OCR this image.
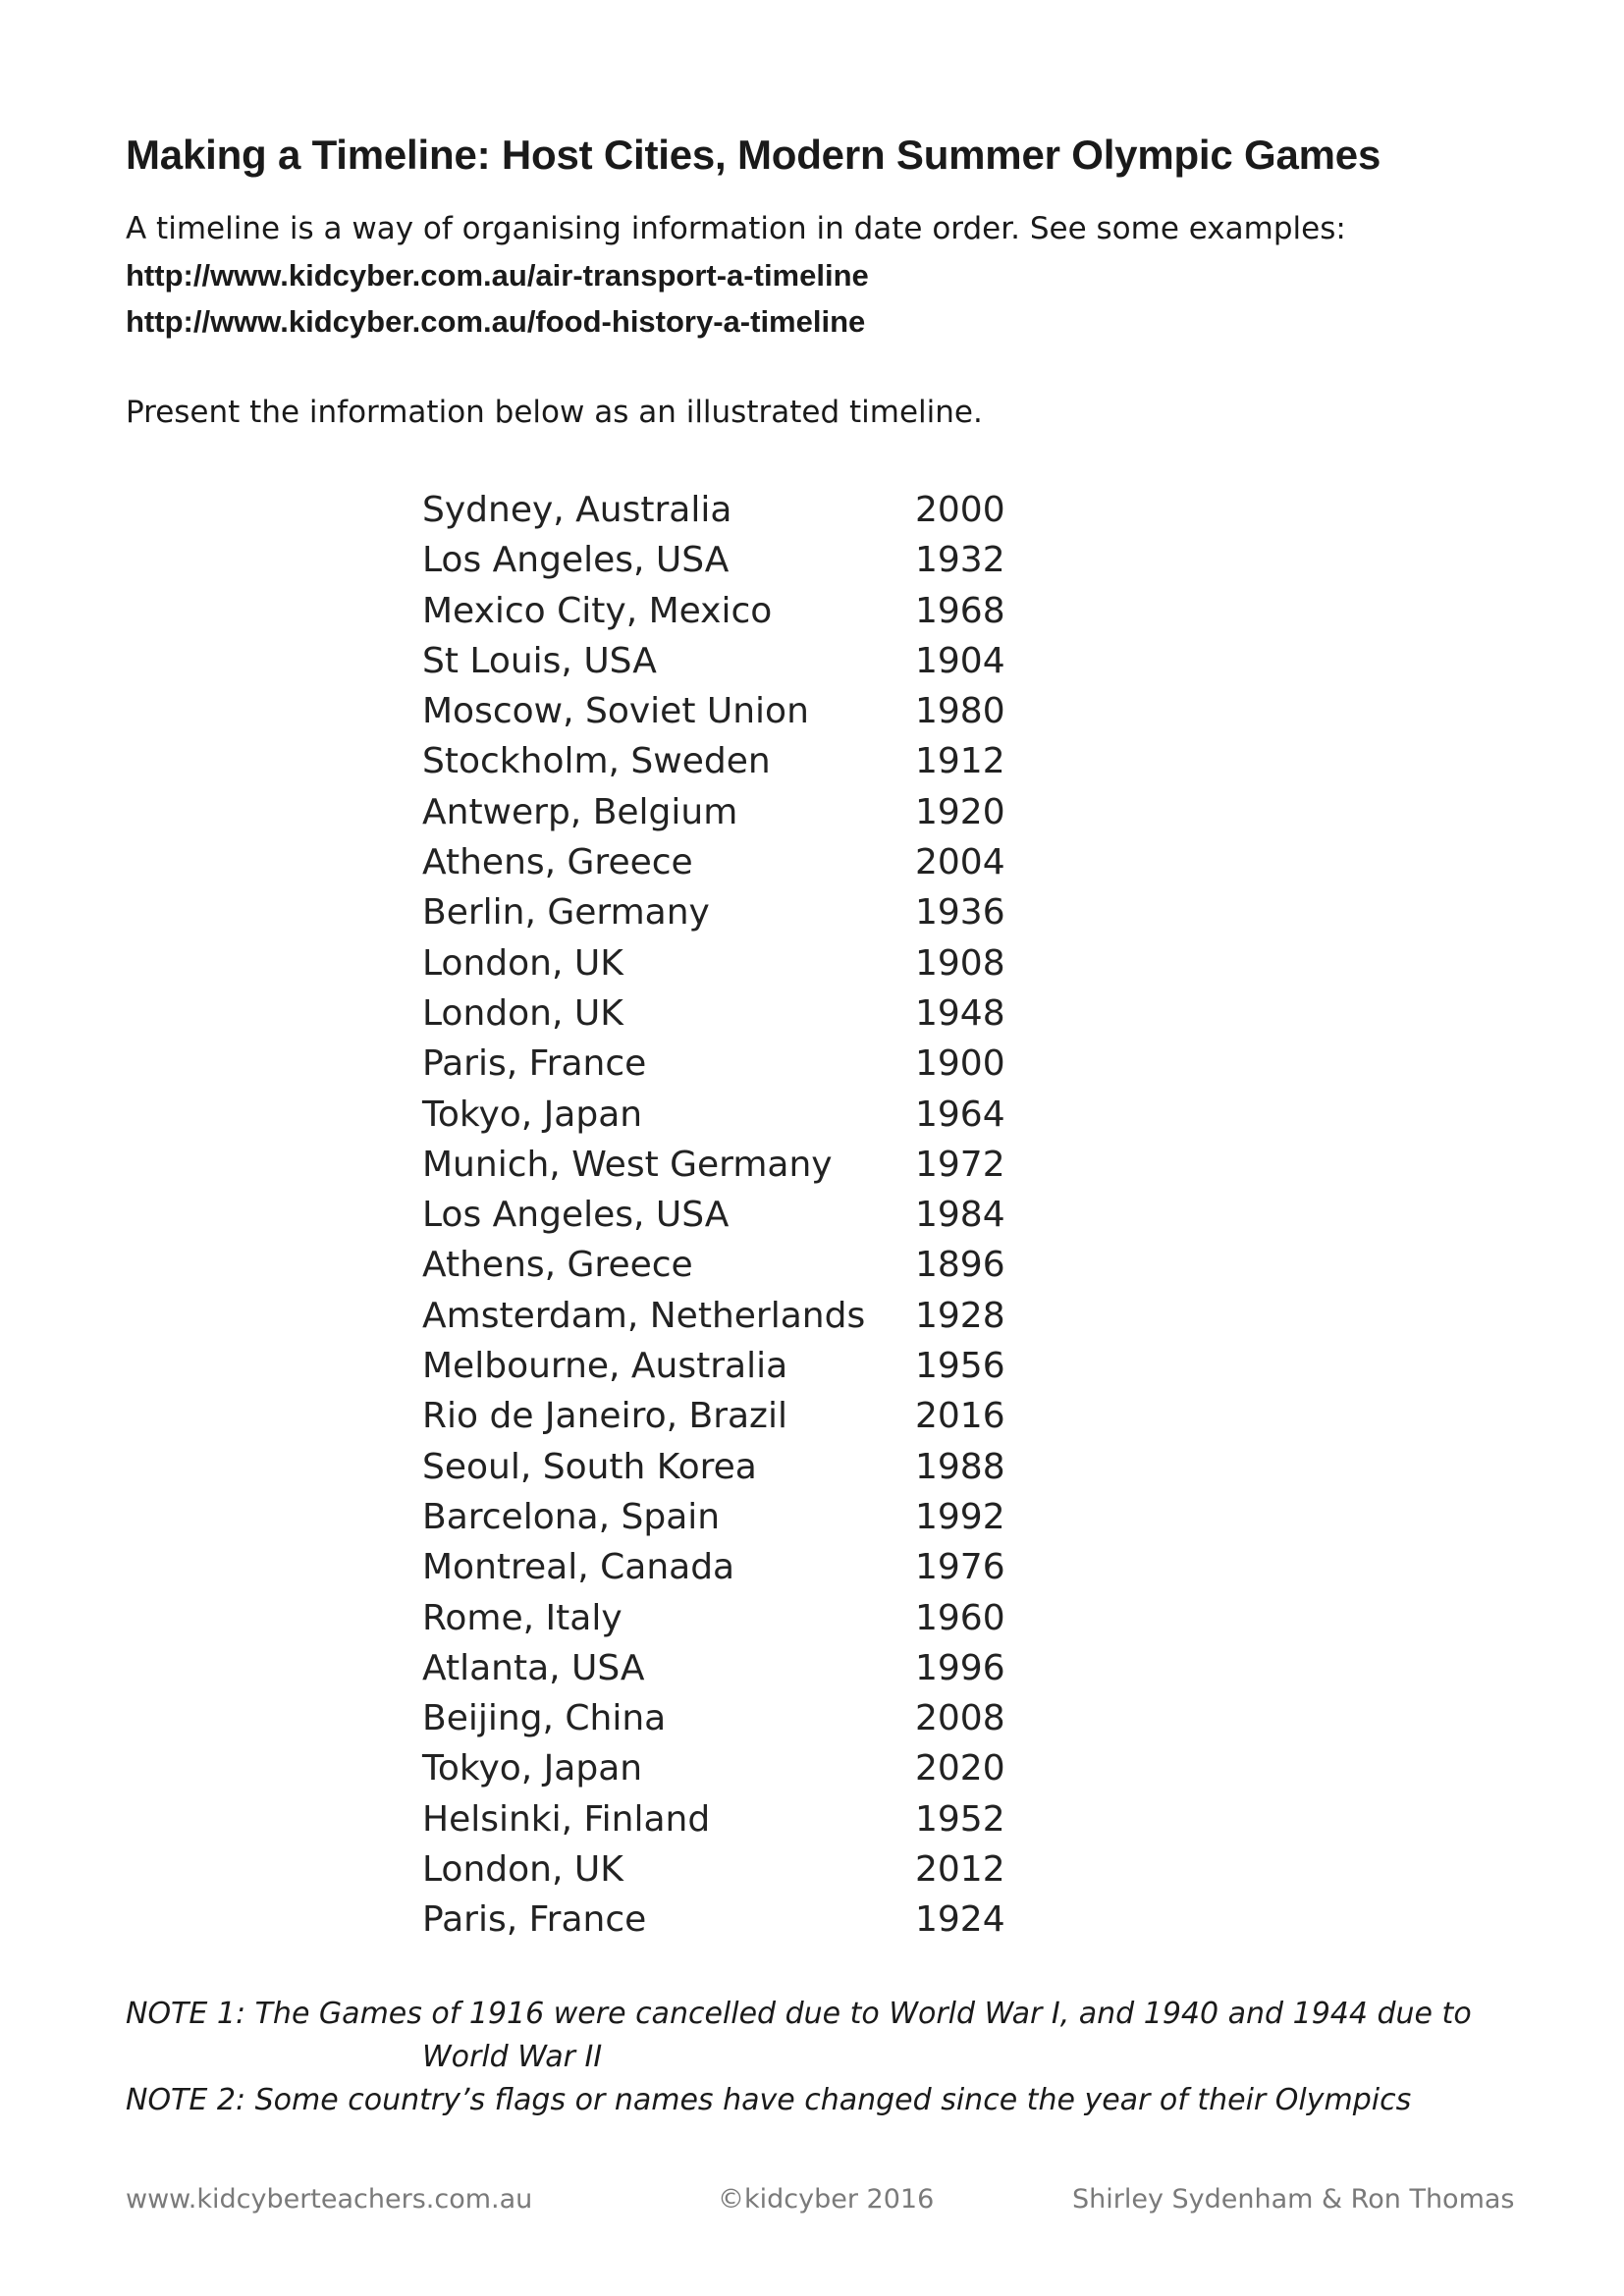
Making a Timeline: Host Cities, Modern Summer Olympic Games
A timeline is a way of organising information in date order. See some examples:
http://www.kidcyber.com.au/air-transport-a-timeline
http://www.kidcyber.com.au/food-history-a-timeline
Present the information below as an illustrated timeline.
Sydney, Australia	2000
Los Angeles, USA	1932
Mexico City, Mexico	1968
St Louis, USA	1904
Moscow, Soviet Union	1980
Stockholm, Sweden	1912
Antwerp, Belgium	1920
Athens, Greece	2004
Berlin, Germany	1936
London, UK	1908
London, UK	1948
Paris, France	1900
Tokyo, Japan	1964
Munich, West Germany 1972
Los Angeles, USA	1984
Athens, Greece	1896
Amsterdam, Netherlands 1928
Melbourne, Australia	1956
Rio de Janeiro, Brazil	2016
Seoul, South Korea	1988
Barcelona, Spain	1992
Montreal, Canada	1976
Rome, Italy	1960
Atlanta, USA	1996
Beijing, China	2008
Tokyo, Japan	2020
Helsinki, Finland	1952
London, UK	2012
Paris, France	1924
NOTE 1: The Games of 1916 were cancelled due to World War I, and 1940 and 1944 due to
World War II
NOTE 2: Some country’s flags or names have changed since the year of their Olympics
www.kidcyberteachers.com.au	©kidcyber 2016	Shirley Sydenham & Ron Thomas
